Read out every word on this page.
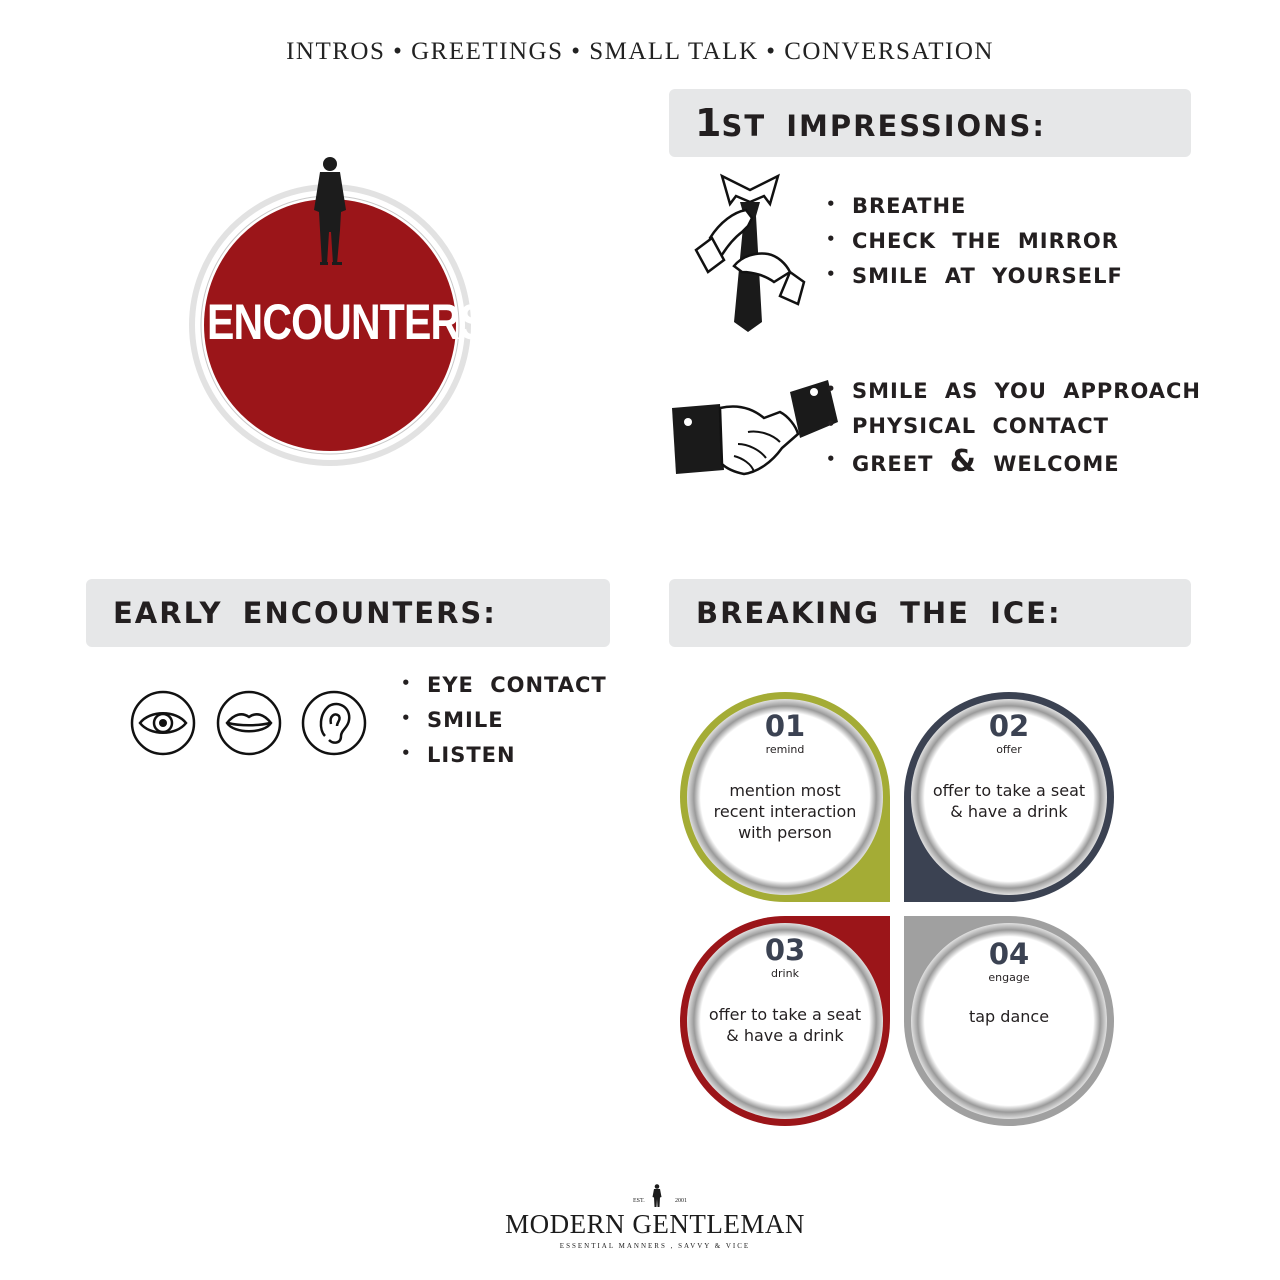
INTROS • GREETINGS • SMALL TALK • CONVERSATION
ENCOUNTERS
1ST IMPRESSIONS:
• BREATHE
• CHECK THE MIRROR
• SMILE AT YOURSELF
• SMILE AS YOU APPROACH
• PHYSICAL CONTACT
• GREET & WELCOME
EARLY ENCOUNTERS:
• EYE CONTACT
• SMILE
• LISTEN
BREAKING THE ICE:
01
remind
mention most
recent interaction
with person
02
offer
offer to take a seat
& have a drink
03
drink
offer to take a seat
& have a drink
04
engage
tap dance
EST.	2001
MODERN GENTLEMAN
ESSENTIAL MANNERS , SAVVY & VICE
